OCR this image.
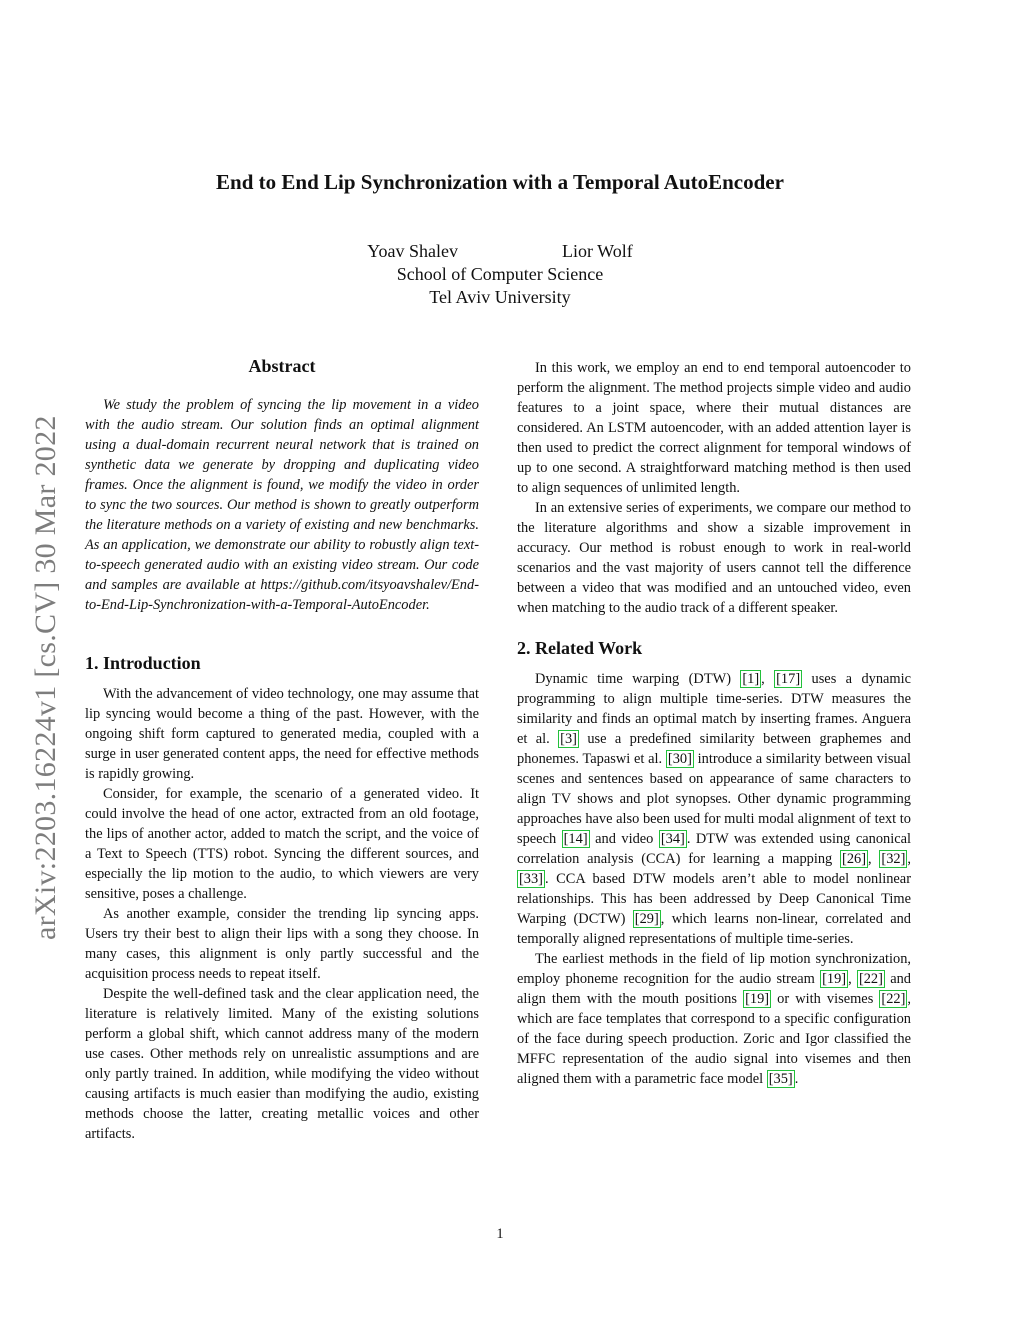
arXiv:2203.16224v1 [cs.CV] 30 Mar 2022
End to End Lip Synchronization with a Temporal AutoEncoder
Yoav Shalev	Lior Wolf
School of Computer Science
Tel Aviv University
Abstract

We study the problem of syncing the lip movement in a video with the audio stream. Our solution finds an optimal alignment using a dual-domain recurrent neural network that is trained on synthetic data we generate by dropping and duplicating video frames. Once the alignment is found, we modify the video in order to sync the two sources. Our method is shown to greatly outperform the literature methods on a variety of existing and new benchmarks. As an application, we demonstrate our ability to robustly align text-to-speech generated audio with an existing video stream. Our code and samples are available at https://github.com/itsyoavshalev/End-to-End-Lip-Synchronization-with-a-Temporal-AutoEncoder.

1. Introduction

With the advancement of video technology, one may assume that lip syncing would become a thing of the past. However, with the ongoing shift form captured to generated media, coupled with a surge in user generated content apps, the need for effective methods is rapidly growing.

Consider, for example, the scenario of a generated video. It could involve the head of one actor, extracted from an old footage, the lips of another actor, added to match the script, and the voice of a Text to Speech (TTS) robot. Syncing the different sources, and especially the lip motion to the audio, to which viewers are very sensitive, poses a challenge.

As another example, consider the trending lip syncing apps. Users try their best to align their lips with a song they choose. In many cases, this alignment is only partly successful and the acquisition process needs to repeat itself.

Despite the well-defined task and the clear application need, the literature is relatively limited. Many of the existing solutions perform a global shift, which cannot address many of the modern use cases. Other methods rely on unrealistic assumptions and are only partly trained. In addition, while modifying the video without causing artifacts is much easier than modifying the audio, existing methods choose the latter, creating metallic voices and other artifacts.

In this work, we employ an end to end temporal autoencoder to perform the alignment. The method projects simple video and audio features to a joint space, where their mutual distances are considered. An LSTM autoencoder, with an added attention layer is then used to predict the correct alignment for temporal windows of up to one second. A straightforward matching method is then used to align sequences of unlimited length.

In an extensive series of experiments, we compare our method to the literature algorithms and show a sizable improvement in accuracy. Our method is robust enough to work in real-world scenarios and the vast majority of users cannot tell the difference between a video that was modified and an untouched video, even when matching to the audio track of a different speaker.

2. Related Work

Dynamic time warping (DTW) [1] , [17] uses a dynamic programming to align multiple time-series. DTW measures the similarity and finds an optimal match by inserting frames. Anguera et al. [3] use a predefined similarity between graphemes and phonemes. Tapaswi et al. [30] introduce a similarity between visual scenes and sentences based on appearance of same characters to align TV shows and plot synopses. Other dynamic programming approaches have also been used for multi modal alignment of text to speech [14] and video [34] . DTW was extended using canonical correlation analysis (CCA) for learning a mapping [26] , [32] , [33] . CCA based DTW models aren’t able to model nonlinear relationships. This has been addressed by Deep Canonical Time Warping (DCTW) [29] , which learns non-linear, correlated and temporally aligned representations of multiple time-series.

The earliest methods in the field of lip motion synchronization, employ phoneme recognition for the audio stream [19] , [22] and align them with the mouth positions [19] or with visemes [22] , which are face templates that correspond to a specific configuration of the face during speech production. Zoric and Igor classified the MFFC representation of the audio signal into visemes and then aligned them with a parametric face model [35] .

1
